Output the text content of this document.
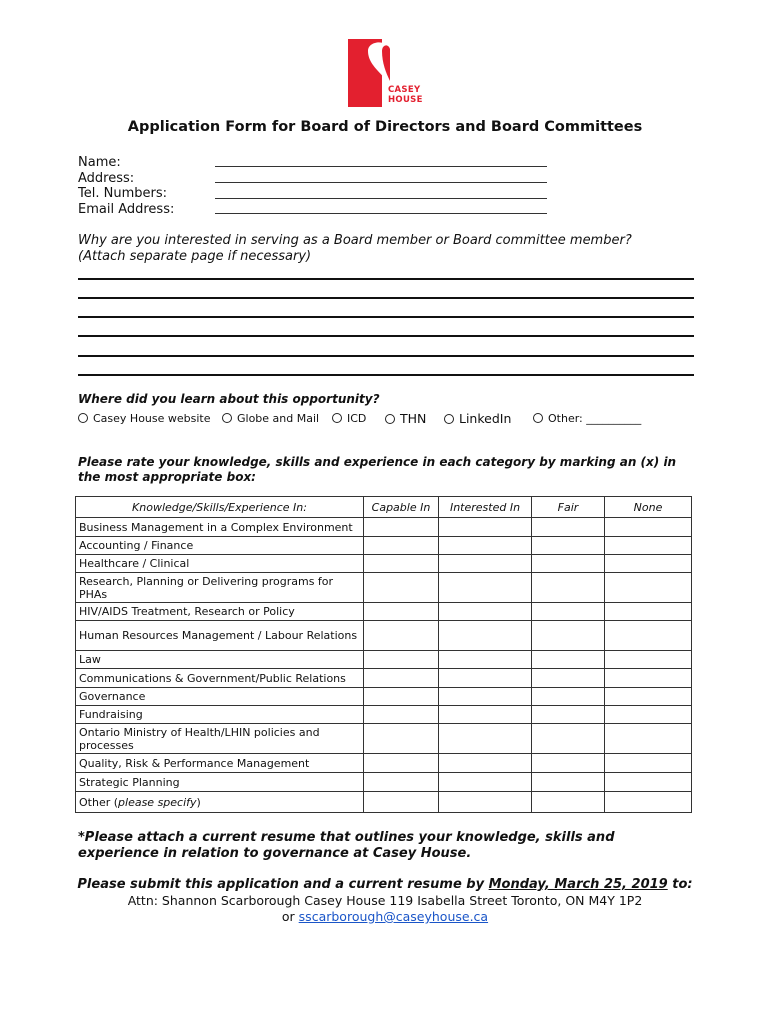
CASEY
HOUSE
Application Form for Board of Directors and Board Committees
Name:
Address:
Tel. Numbers:
Email Address:
Why are you interested in serving as a Board member or Board committee member?
(Attach separate page if necessary)
Where did you learn about this opportunity?
Casey House website	Globe and Mail	ICD	THN	LinkedIn	Other: __________
Please rate your knowledge, skills and experience in each category by marking an (x) in the most appropriate box:
Knowledge/Skills/Experience In:	Capable In	Interested In	Fair	None
Business Management in a Complex Environment				
Accounting / Finance				
Healthcare / Clinical				
Research, Planning or Delivering programs for PHAs				
HIV/AIDS Treatment, Research or Policy				
Human Resources Management / Labour Relations				
Law				
Communications & Government/Public Relations				
Governance				
Fundraising				
Ontario Ministry of Health/LHIN policies and processes				
Quality, Risk & Performance Management				
Strategic Planning				
Other (please specify)				
*Please attach a current resume that outlines your knowledge, skills and experience in relation to governance at Casey House.
Please submit this application and a current resume by Monday, March 25, 2019 to:
Attn: Shannon Scarborough Casey House 119 Isabella Street Toronto, ON M4Y 1P2
or sscarborough@caseyhouse.ca
